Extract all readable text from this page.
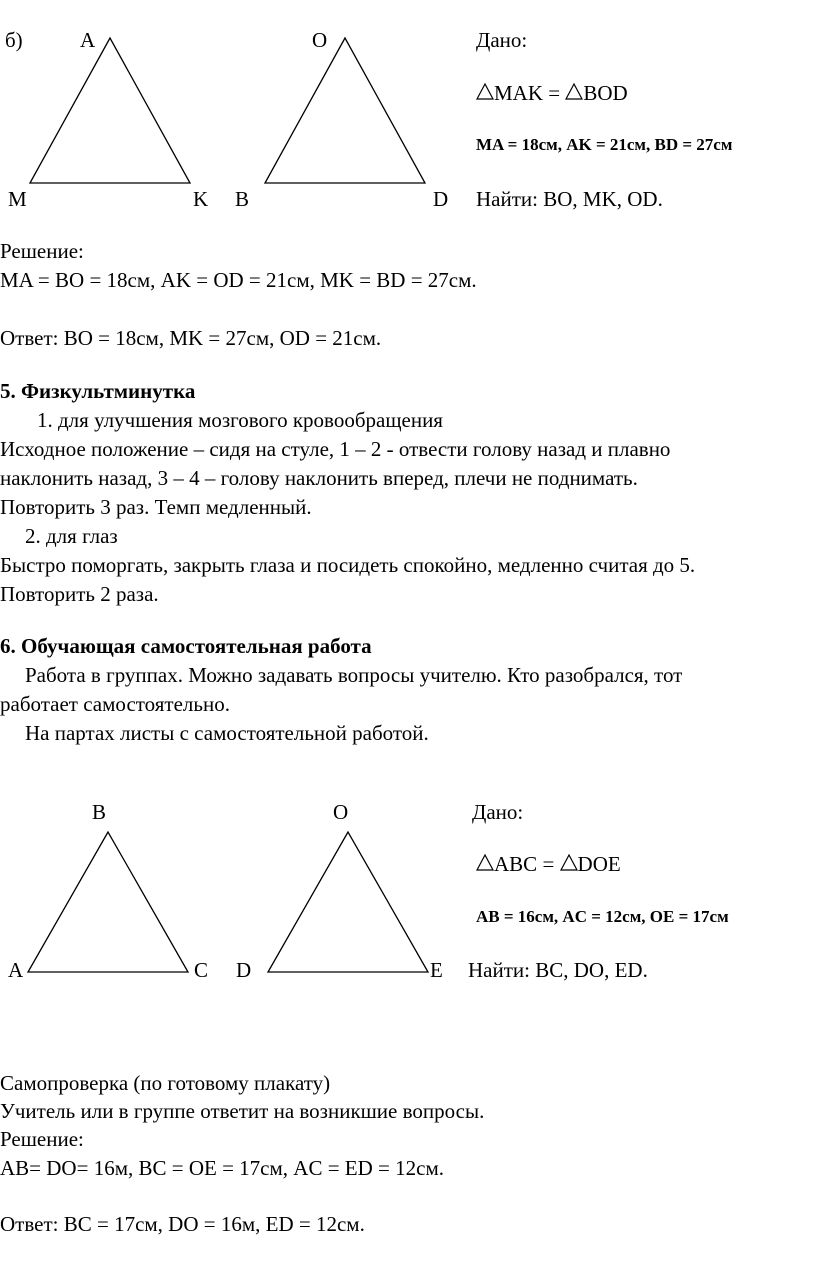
б)	A	O
M	K B	D
Дано:
MAK = BOD
MA = 18см, AK = 21см, BD = 27см
Найти: BO, MK, OD.
Решение:
MA = BO = 18см, AK = OD = 21см, MK = BD = 27см.
Ответ: BO = 18см, MK = 27см, OD = 21см.
5. Физкультминутка
1. для улучшения мозгового кровообращения
Исходное положение – сидя на стуле, 1 – 2 - отвести голову назад и плавно
наклонить назад, 3 – 4 – голову наклонить вперед, плечи не поднимать.
Повторить 3 раз. Темп медленный.
2. для глаз
Быстро поморгать, закрыть глаза и посидеть спокойно, медленно считая до 5.
Повторить 2 раза.
6. Обучающая самостоятельная работа
Работа в группах. Можно задавать вопросы учителю. Кто разобрался, тот
работает самостоятельно.
На партах листы с самостоятельной работой.
B	O
A	C D	E
Дано:
ABC = DOE
AB = 16см, AC = 12см, OE = 17см
Найти: BC, DO, ED.
Самопроверка (по готовому плакату)
Учитель или в группе ответит на возникшие вопросы.
Решение:
AB= DO= 16м, BC = OE = 17см, AC = ED = 12см.
Ответ: BC = 17см, DO = 16м, ED = 12см.
